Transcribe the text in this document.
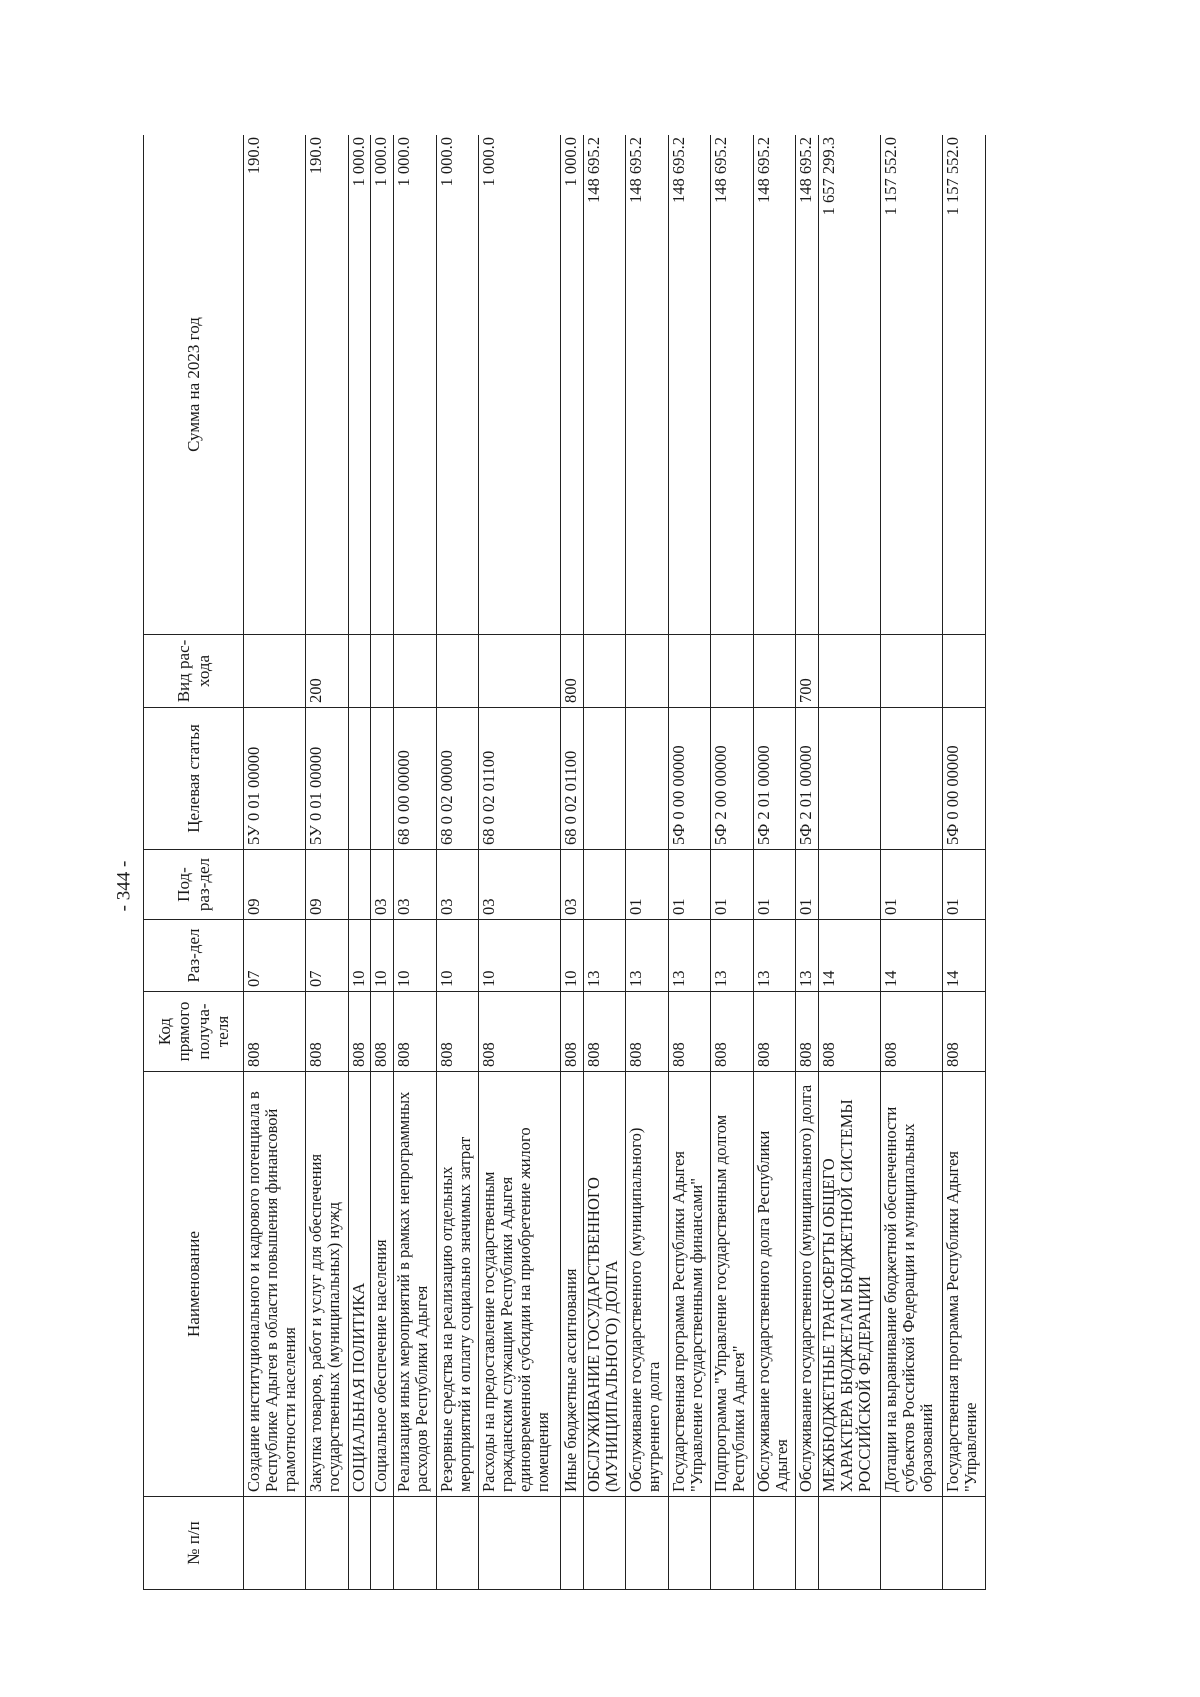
- 344 -
№ п/п	Наименование	Код прямого получа-теля	Раз-дел	Под-раз-дел	Целевая статья	Вид рас-хода	Сумма на 2023 год
	Создание институционального и кадрового потенциала в Республике Адыгея в области повышения финансовой грамотности населения	808	07	09	5У 0 01 00000		190.0
	Закупка товаров, работ и услуг для обеспечения государственных (муниципальных) нужд	808	07	09	5У 0 01 00000	200	190.0
	СОЦИАЛЬНАЯ ПОЛИТИКА	808	10				1 000.0
	Социальное обеспечение населения	808	10	03			1 000.0
	Реализация иных мероприятий в рамках непрограммных расходов Республики Адыгея	808	10	03	68 0 00 00000		1 000.0
	Резервные средства на реализацию отдельных мероприятий и оплату социально значимых затрат	808	10	03	68 0 02 00000		1 000.0
	Расходы на предоставление государственным гражданским служащим Республики Адыгея единовременной субсидии на приобретение жилого помещения	808	10	03	68 0 02 01100		1 000.0
	Иные бюджетные ассигнования	808	10	03	68 0 02 01100	800	1 000.0
	ОБСЛУЖИВАНИЕ ГОСУДАРСТВЕННОГО (МУНИЦИПАЛЬНОГО) ДОЛГА	808	13				148 695.2
	Обслуживание государственного (муниципального) внутреннего долга	808	13	01			148 695.2
	Государственная программа Республики Адыгея "Управление государственными финансами"	808	13	01	5Ф 0 00 00000		148 695.2
	Подпрограмма "Управление государственным долгом Республики Адыгея"	808	13	01	5Ф 2 00 00000		148 695.2
	Обслуживание государственного долга Республики Адыгея	808	13	01	5Ф 2 01 00000		148 695.2
	Обслуживание государственного (муниципального) долга	808	13	01	5Ф 2 01 00000	700	148 695.2
	МЕЖБЮДЖЕТНЫЕ ТРАНСФЕРТЫ ОБЩЕГО ХАРАКТЕРА БЮДЖЕТАМ БЮДЖЕТНОЙ СИСТЕМЫ РОССИЙСКОЙ ФЕДЕРАЦИИ	808	14				1 657 299.3
	Дотации на выравнивание бюджетной обеспеченности субъектов Российской Федерации и муниципальных образований	808	14	01			1 157 552.0
	Государственная программа Республики Адыгея "Управление	808	14	01	5Ф 0 00 00000		1 157 552.0
